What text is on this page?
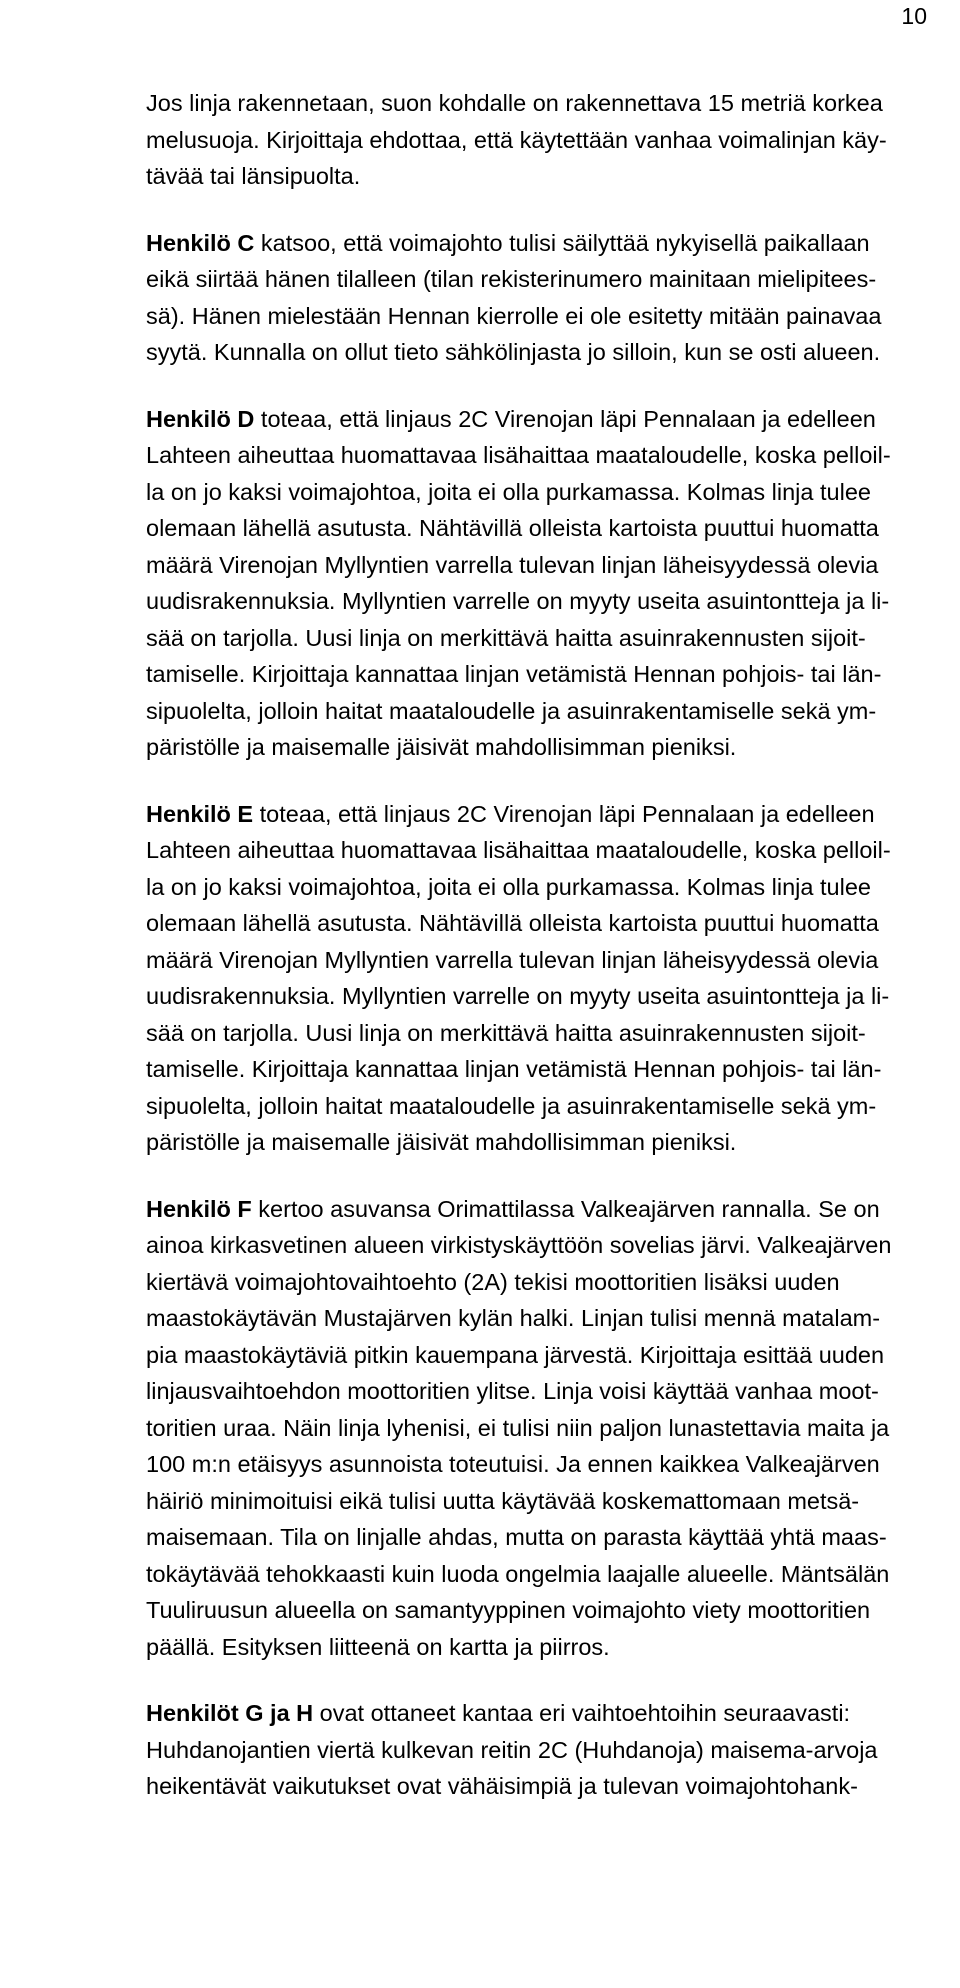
10
Jos linja rakennetaan, suon kohdalle on rakennettava 15 metriä korkea
melusuoja. Kirjoittaja ehdottaa, että käytettään vanhaa voimalinjan käy-
tävää tai länsipuolta.
Henkilö C katsoo, että voimajohto tulisi säilyttää nykyisellä paikallaan
eikä siirtää hänen tilalleen (tilan rekisterinumero mainitaan mielipitees-
sä). Hänen mielestään Hennan kierrolle ei ole esitetty mitään painavaa
syytä. Kunnalla on ollut tieto sähkölinjasta jo silloin, kun se osti alueen.
Henkilö D toteaa, että linjaus 2C Virenojan läpi Pennalaan ja edelleen
Lahteen aiheuttaa huomattavaa lisähaittaa maataloudelle, koska pelloil-
la on jo kaksi voimajohtoa, joita ei olla purkamassa. Kolmas linja tulee
olemaan lähellä asutusta. Nähtävillä olleista kartoista puuttui huomatta
määrä Virenojan Myllyntien varrella tulevan linjan läheisyydessä olevia
uudisrakennuksia. Myllyntien varrelle on myyty useita asuintontteja ja li-
sää on tarjolla. Uusi linja on merkittävä haitta asuinrakennusten sijoit-
tamiselle. Kirjoittaja kannattaa linjan vetämistä Hennan pohjois- tai län-
sipuolelta, jolloin haitat maataloudelle ja asuinrakentamiselle sekä ym-
päristölle ja maisemalle jäisivät mahdollisimman pieniksi.
Henkilö E toteaa, että linjaus 2C Virenojan läpi Pennalaan ja edelleen
Lahteen aiheuttaa huomattavaa lisähaittaa maataloudelle, koska pelloil-
la on jo kaksi voimajohtoa, joita ei olla purkamassa. Kolmas linja tulee
olemaan lähellä asutusta. Nähtävillä olleista kartoista puuttui huomatta
määrä Virenojan Myllyntien varrella tulevan linjan läheisyydessä olevia
uudisrakennuksia. Myllyntien varrelle on myyty useita asuintontteja ja li-
sää on tarjolla. Uusi linja on merkittävä haitta asuinrakennusten sijoit-
tamiselle. Kirjoittaja kannattaa linjan vetämistä Hennan pohjois- tai län-
sipuolelta, jolloin haitat maataloudelle ja asuinrakentamiselle sekä ym-
päristölle ja maisemalle jäisivät mahdollisimman pieniksi.
Henkilö F kertoo asuvansa Orimattilassa Valkeajärven rannalla. Se on
ainoa kirkasvetinen alueen virkistyskäyttöön sovelias järvi. Valkeajärven
kiertävä voimajohtovaihtoehto (2A) tekisi moottoritien lisäksi uuden
maastokäytävän Mustajärven kylän halki. Linjan tulisi mennä matalam-
pia maastokäytäviä pitkin kauempana järvestä. Kirjoittaja esittää uuden
linjausvaihtoehdon moottoritien ylitse. Linja voisi käyttää vanhaa moot-
toritien uraa. Näin linja lyhenisi, ei tulisi niin paljon lunastettavia maita ja
100 m:n etäisyys asunnoista toteutuisi. Ja ennen kaikkea Valkeajärven
häiriö minimoituisi eikä tulisi uutta käytävää koskemattomaan metsä-
maisemaan. Tila on linjalle ahdas, mutta on parasta käyttää yhtä maas-
tokäytävää tehokkaasti kuin luoda ongelmia laajalle alueelle. Mäntsälän
Tuuliruusun alueella on samantyyppinen voimajohto viety moottoritien
päällä. Esityksen liitteenä on kartta ja piirros.
Henkilöt G ja H ovat ottaneet kantaa eri vaihtoehtoihin seuraavasti:
Huhdanojantien viertä kulkevan reitin 2C (Huhdanoja) maisema-arvoja
heikentävät vaikutukset ovat vähäisimpiä ja tulevan voimajohtohank-
